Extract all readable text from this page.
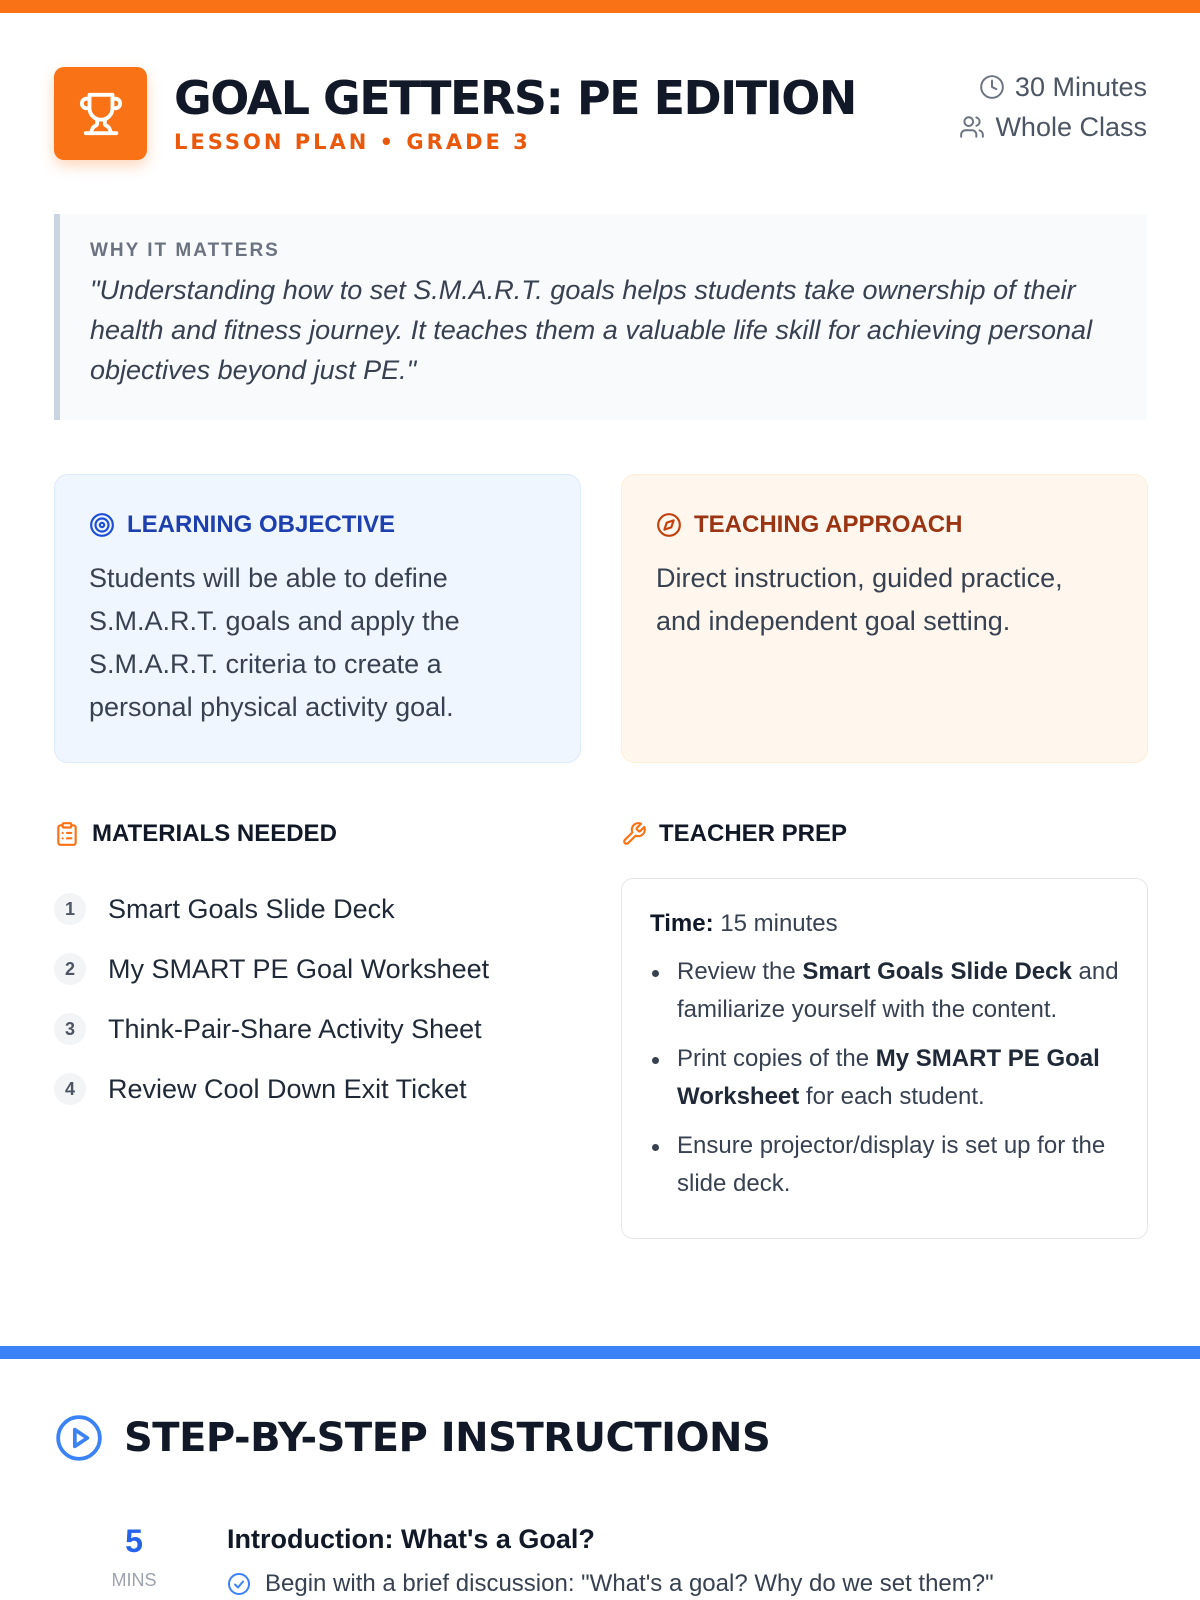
GOAL GETTERS: PE EDITION
LESSON PLAN • GRADE 3
30 Minutes
Whole Class
WHY IT MATTERS
"Understanding how to set S.M.A.R.T. goals helps students take ownership of their health and fitness journey. It teaches them a valuable life skill for achieving personal objectives beyond just PE."
LEARNING OBJECTIVE
Students will be able to define S.M.A.R.T. goals and apply the S.M.A.R.T. criteria to create a personal physical activity goal.
TEACHING APPROACH
Direct instruction, guided practice, and independent goal setting.
MATERIALS NEEDED
1	Smart Goals Slide Deck
2	My SMART PE Goal Worksheet
3	Think-Pair-Share Activity Sheet
4	Review Cool Down Exit Ticket
TEACHER PREP
Time: 15 minutes
Review the Smart Goals Slide Deck and familiarize yourself with the content.
Print copies of the My SMART PE Goal Worksheet for each student.
Ensure projector/display is set up for the slide deck.
STEP-BY-STEP INSTRUCTIONS
5
MINS
Introduction: What's a Goal?
Begin with a brief discussion: "What's a goal? Why do we set them?"
